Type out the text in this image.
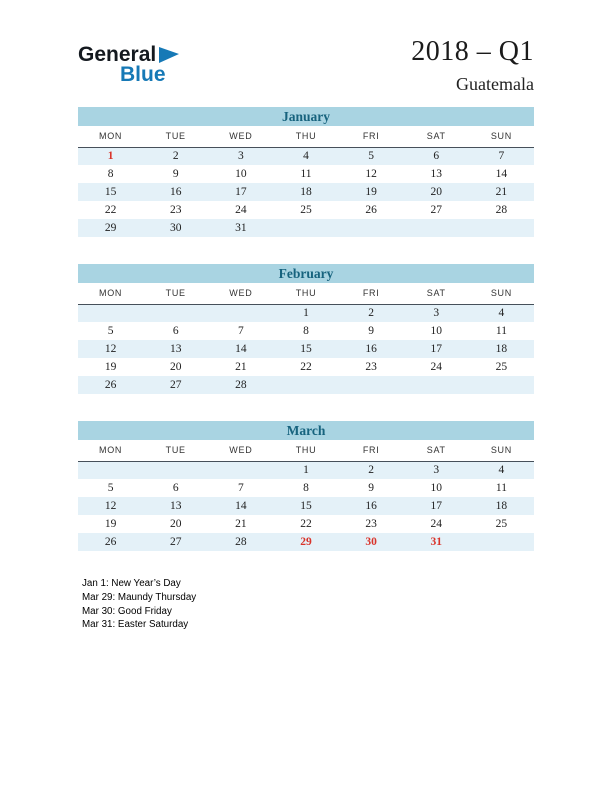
General
Blue
2018 – Q1
Guatemala
January
MON	TUE	WED	THU	FRI	SAT	SUN
1	2	3	4	5	6	7
8	9	10	11	12	13	14
15	16	17	18	19	20	21
22	23	24	25	26	27	28
29	30	31				
February
MON	TUE	WED	THU	FRI	SAT	SUN
			1	2	3	4
5	6	7	8	9	10	11
12	13	14	15	16	17	18
19	20	21	22	23	24	25
26	27	28				
March
MON	TUE	WED	THU	FRI	SAT	SUN
			1	2	3	4
5	6	7	8	9	10	11
12	13	14	15	16	17	18
19	20	21	22	23	24	25
26	27	28	29	30	31	
Jan 1: New Year’s Day
Mar 29: Maundy Thursday
Mar 30: Good Friday
Mar 31: Easter Saturday
